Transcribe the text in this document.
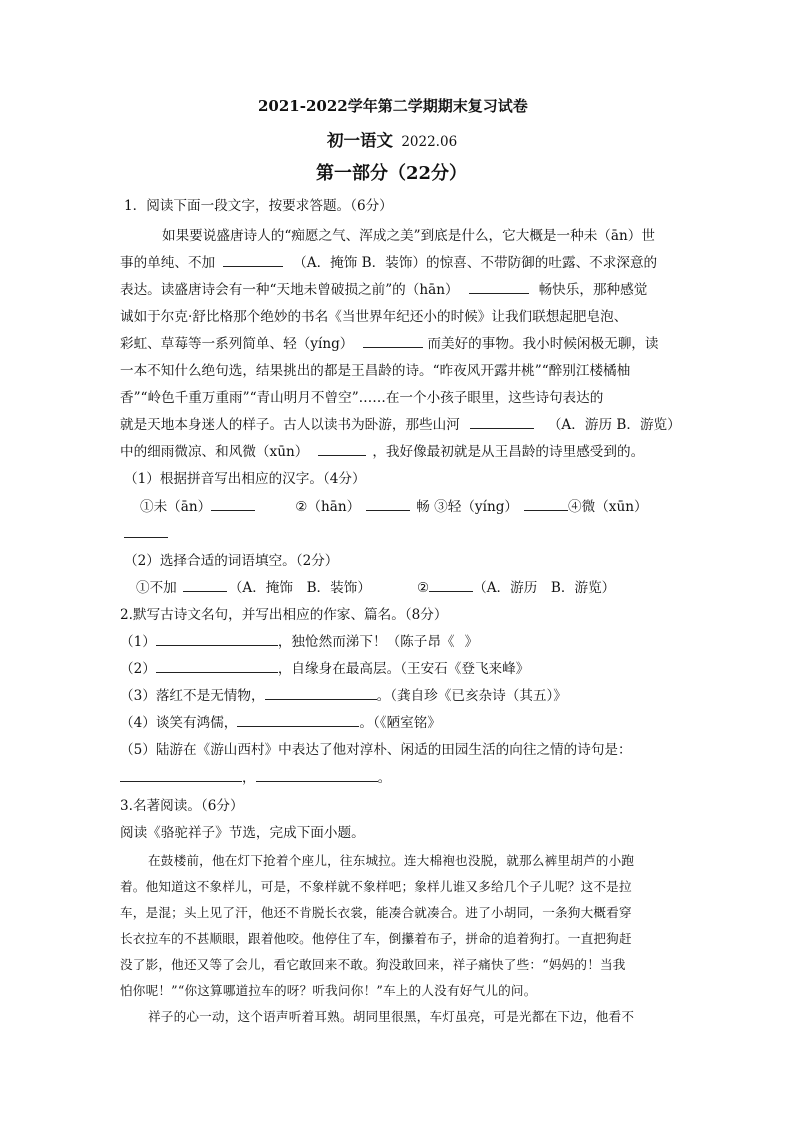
2021-2022学年第二学期期末复习试卷
初一语文 2022.06
第一部分（22分）
1．阅读下面一段文字，按要求答题。（6分）
如果要说盛唐诗人的“痴愿之气、浑成之美”到底是什么，它大概是一种未（ān）世
事的单纯、不加	（A．掩饰 B．装饰）的惊喜、不带防御的吐露、不求深意的
表达。读盛唐诗会有一种“天地未曾破损之前”的（hān）	畅快乐，那种感觉
诚如于尔克·舒比格那个绝妙的书名《当世界年纪还小的时候》让我们联想起肥皂泡、
彩虹、草莓等一系列简单、轻（yíng）	而美好的事物。我小时候闲极无聊，读
一本不知什么绝句选，结果挑出的都是王昌龄的诗。“昨夜风开露井桃”“醉别江楼橘柚
香”“岭色千重万重雨”“青山明月不曾空”……在一个小孩子眼里，这些诗句表达的
就是天地本身迷人的样子。古人以读书为卧游，那些山河	（A．游历 B．游览）
中的细雨微凉、和风微（xūn）	，我好像最初就是从王昌龄的诗里感受到的。
（1）根据拼音写出相应的汉字。（4分）
①未（ān）	②（hān）	畅 ③轻（yíng）	④微（xūn）
（2）选择合适的词语填空。（2分）
①不加	（A．掩饰　B．装饰）	②	（A．游历　B．游览）
2.默写古诗文名句，并写出相应的作家、篇名。（8分）
（1）	，独怆然而涕下！（陈子昂《 》
（2）	，自缘身在最高层。（王安石《登飞来峰》
（3）落红不是无情物，	。（龚自珍《已亥杂诗（其五）》
（4）谈笑有鸿儒，	。（《陋室铭》
（5）陆游在《游山西村》中表达了他对淳朴、闲适的田园生活的向往之情的诗句是：
，	。
3.名著阅读。（6分）
阅读《骆驼祥子》节选，完成下面小题。
在鼓楼前，他在灯下抢着个座儿，往东城拉。连大棉袍也没脱，就那么裤里胡芦的小跑
着。他知道这不象样儿，可是，不象样就不象样吧；象样儿谁又多给几个子儿呢？这不是拉
车，是混；头上见了汗，他还不肯脱长衣裳，能凑合就凑合。进了小胡同，一条狗大概看穿
长衣拉车的不甚顺眼，跟着他咬。他停住了车，倒攥着布子，拼命的追着狗打。一直把狗赶
没了影，他还又等了会儿，看它敢回来不敢。狗没敢回来，祥子痛快了些：“妈妈的！当我
怕你呢！”“你这算哪道拉车的呀？听我问你！”车上的人没有好气儿的问。
祥子的心一动，这个语声听着耳熟。胡同里很黑，车灯虽亮，可是光都在下边，他看不
